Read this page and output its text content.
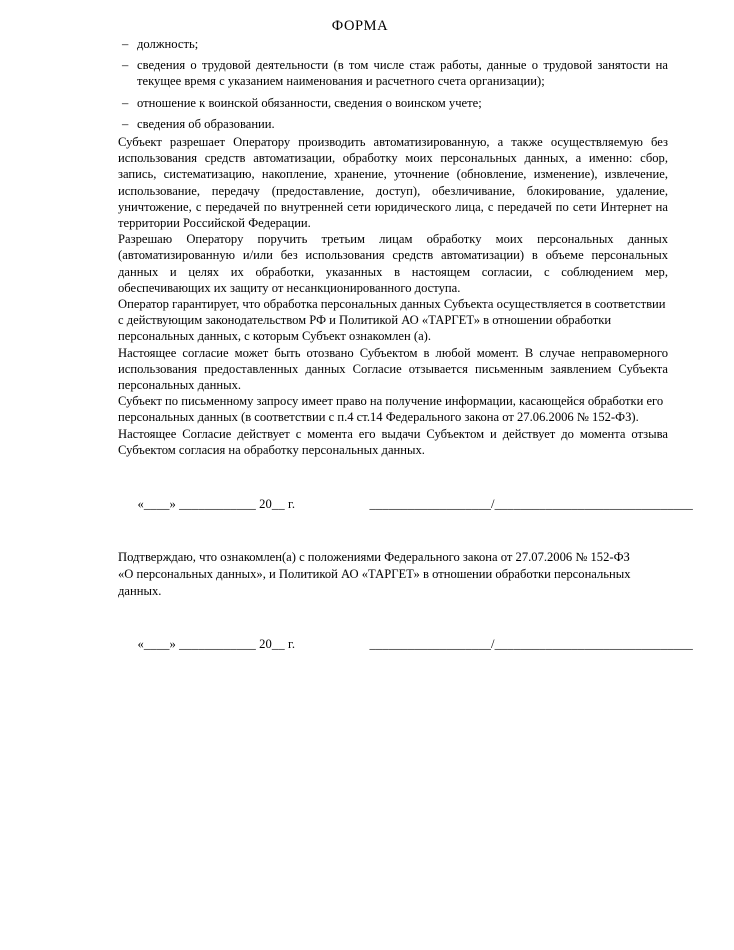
ФОРМА
– должность;
– сведения о трудовой деятельности (в том числе стаж работы, данные о трудовой занятости на текущее время с указанием наименования и расчетного счета организации);
– отношение к воинской обязанности, сведения о воинском учете;
– сведения об образовании.

Субъект разрешает Оператору производить автоматизированную, а также осуществляемую без использования средств автоматизации, обработку моих персональных данных, а именно: сбор, запись, систематизацию, накопление, хранение, уточнение (обновление, изменение), извлечение, использование, передачу (предоставление, доступ), обезличивание, блокирование, удаление, уничтожение, с передачей по внутренней сети юридического лица, с передачей по сети Интернет на территории Российской Федерации.

Разрешаю Оператору поручить третьим лицам обработку моих персональных данных (автоматизированную и/или без использования средств автоматизации) в объеме персональных данных и целях их обработки, указанных в настоящем согласии, с соблюдением мер, обеспечивающих их защиту от несанкционированного доступа.

Оператор гарантирует, что обработка персональных данных Субъекта осуществляется в соответствии с действующим законодательством РФ и Политикой АО «ТАРГЕТ» в отношении обработки персональных данных, с которым Субъект ознакомлен (а).

Настоящее согласие может быть отозвано Субъектом в любой момент. В случае неправомерного использования предоставленных данных Согласие отзывается письменным заявлением Субъекта персональных данных.

Субъект по письменному запросу имеет право на получение информации, касающейся обработки его персональных данных (в соответствии с п.4 ст.14 Федерального закона от 27.06.2006 № 152-ФЗ).

Настоящее Согласие действует с момента его выдачи Субъектом и действует до момента отзыва Субъектом согласия на обработку персональных данных.

«____» ____________ 20__ г.	___________________/_______________________________

Подтверждаю, что ознакомлен(а) с положениями Федерального закона от 27.07.2006 № 152-ФЗ

«О персональных данных», и Политикой АО «ТАРГЕТ» в отношении обработки персональных данных.

«____» ____________ 20__ г.	___________________/_______________________________
